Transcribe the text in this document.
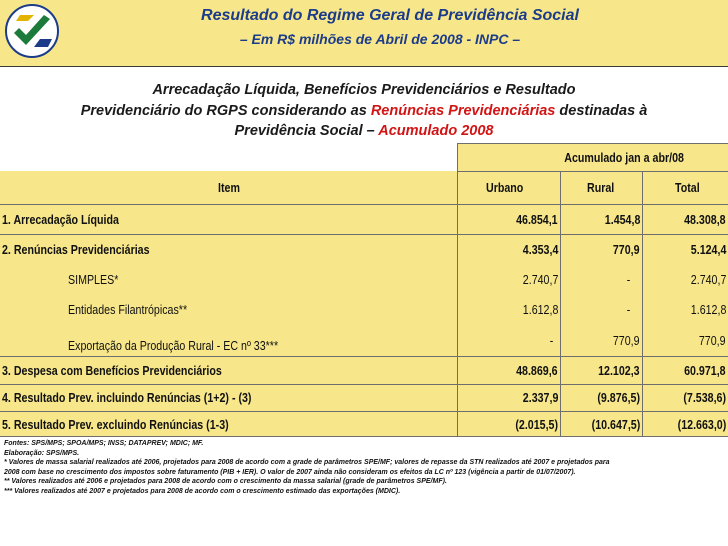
Resultado do Regime Geral de Previdência Social
– Em R$ milhões de Abril de 2008 - INPC –
Arrecadação Líquida, Benefícios Previdenciários e Resultado
Previdenciário do RGPS considerando as Renúncias Previdenciárias destinadas à
Previdência Social – Acumulado 2008
Acumulado jan a abr/08
Item	Urbano	Rural	Total
1. Arrecadação Líquida	46.854,1	1.454,8	48.308,8
2. Renúncias Previdenciárias	4.353,4	770,9	5.124,4
SIMPLES*	2.740,7	-	2.740,7
Entidades Filantrópicas**	1.612,8	-	1.612,8
Exportação da Produção Rural - EC nº 33***	-	770,9	770,9
3. Despesa com Benefícios Previdenciários	48.869,6	12.102,3	60.971,8
4. Resultado Prev. incluindo Renúncias (1+2) - (3)	2.337,9	(9.876,5)	(7.538,6)
5. Resultado Prev. excluindo Renúncias (1-3)	(2.015,5)	(10.647,5)	(12.663,0)
Fontes: SPS/MPS; SPOA/MPS; INSS; DATAPREV; MDIC; MF.
Elaboração: SPS/MPS.
* Valores de massa salarial realizados até 2006, projetados para 2008 de acordo com a grade de parâmetros SPE/MF; valores de repasse da STN realizados até 2007 e projetados para
2008 com base no crescimento dos impostos sobre faturamento (PIB + IER). O valor de 2007 ainda não consideram os efeitos da LC nº 123 (vigência a partir de 01/07/2007).
** Valores realizados até 2006 e projetados para 2008 de acordo com o crescimento da massa salarial (grade de parâmetros SPE/MF).
*** Valores realizados até 2007 e projetados para 2008 de acordo com o crescimento estimado das exportações (MDIC).
